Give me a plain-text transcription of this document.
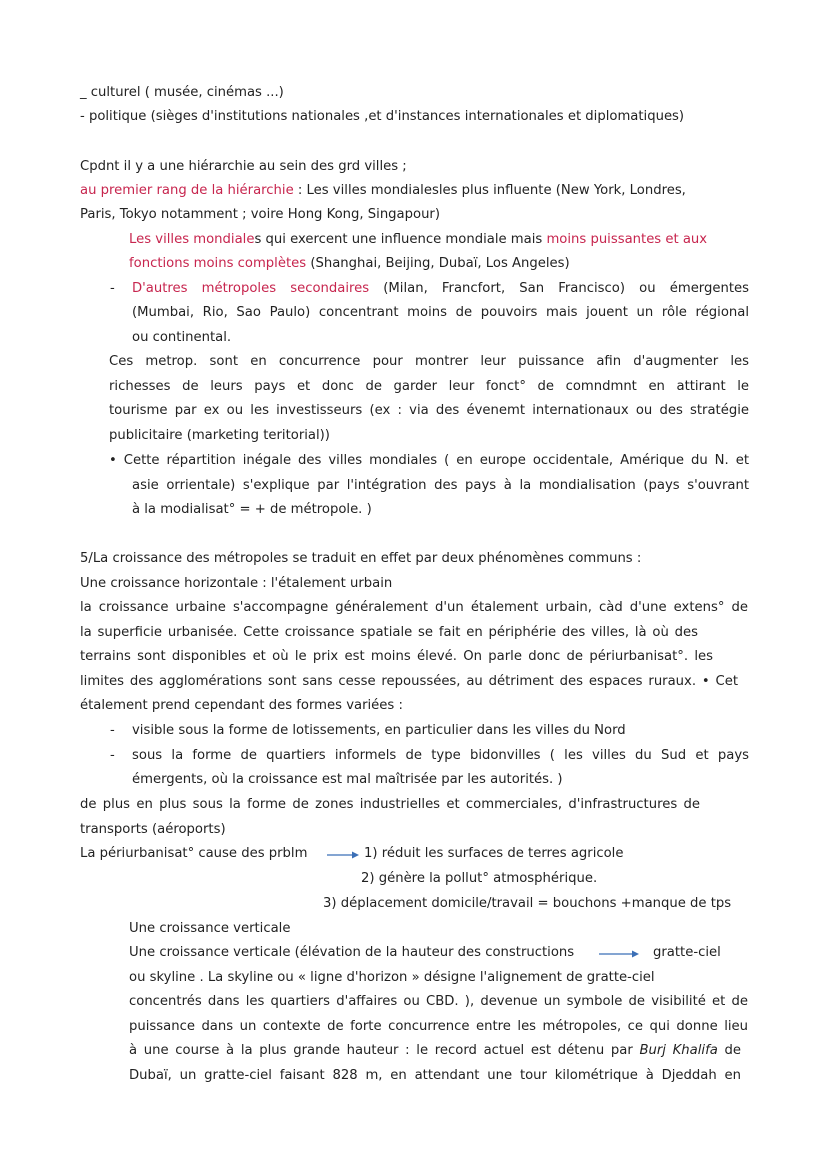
_ culturel ( musée, cinémas ...)
- politique (sièges d'institutions nationales ,et d'instances internationales et diplomatiques)
Cpdnt il y a une hiérarchie au sein des grd villes ;
au premier rang de la hiérarchie : Les villes mondialesles plus influente (New York, Londres,
Paris, Tokyo notamment ; voire Hong Kong, Singapour)
Les villes mondiales qui exercent une influence mondiale mais moins puissantes et aux
fonctions moins complètes (Shanghai, Beijing, Dubaï, Los Angeles)
- D'autres métropoles secondaires (Milan, Francfort, San Francisco) ou émergentes
(Mumbai, Rio, Sao Paulo) concentrant moins de pouvoirs mais jouent un rôle régional
ou continental.
Ces metrop. sont en concurrence pour montrer leur puissance afin d'augmenter les
richesses de leurs pays et donc de garder leur fonct° de comndmnt en attirant le
tourisme par ex ou les investisseurs (ex : via des évenemt internationaux ou des stratégie
publicitaire (marketing teritorial))
• Cette répartition inégale des villes mondiales ( en europe occidentale, Amérique du N. et
asie orrientale) s'explique par l'intégration des pays à la mondialisation (pays s'ouvrant
à la modialisat° = + de métropole. )
5/La croissance des métropoles se traduit en effet par deux phénomènes communs :
Une croissance horizontale : l'étalement urbain
la croissance urbaine s'accompagne généralement d'un étalement urbain, càd d'une extens° de
la superficie urbanisée. Cette croissance spatiale se fait en périphérie des villes, là où des
terrains sont disponibles et où le prix est moins élevé. On parle donc de périurbanisat°. les
limites des agglomérations sont sans cesse repoussées, au détriment des espaces ruraux. • Cet
étalement prend cependant des formes variées :
- visible sous la forme de lotissements, en particulier dans les villes du Nord
- sous la forme de quartiers informels de type bidonvilles ( les villes du Sud et pays
émergents, où la croissance est mal maîtrisée par les autorités. )
de plus en plus sous la forme de zones industrielles et commerciales, d'infrastructures de
transports (aéroports)
La périurbanisat° cause des prblm	1) réduit les surfaces de terres agricole
2) génère la pollut° atmosphérique.
3) déplacement domicile/travail = bouchons +manque de tps
Une croissance verticale
Une croissance verticale (élévation de la hauteur des constructions	gratte-ciel
ou skyline . La skyline ou « ligne d'horizon » désigne l'alignement de gratte-ciel
concentrés dans les quartiers d'affaires ou CBD. ), devenue un symbole de visibilité et de
puissance dans un contexte de forte concurrence entre les métropoles, ce qui donne lieu
à une course à la plus grande hauteur : le record actuel est détenu par Burj Khalifa de
Dubaï, un gratte-ciel faisant 828 m, en attendant une tour kilométrique à Djeddah en
